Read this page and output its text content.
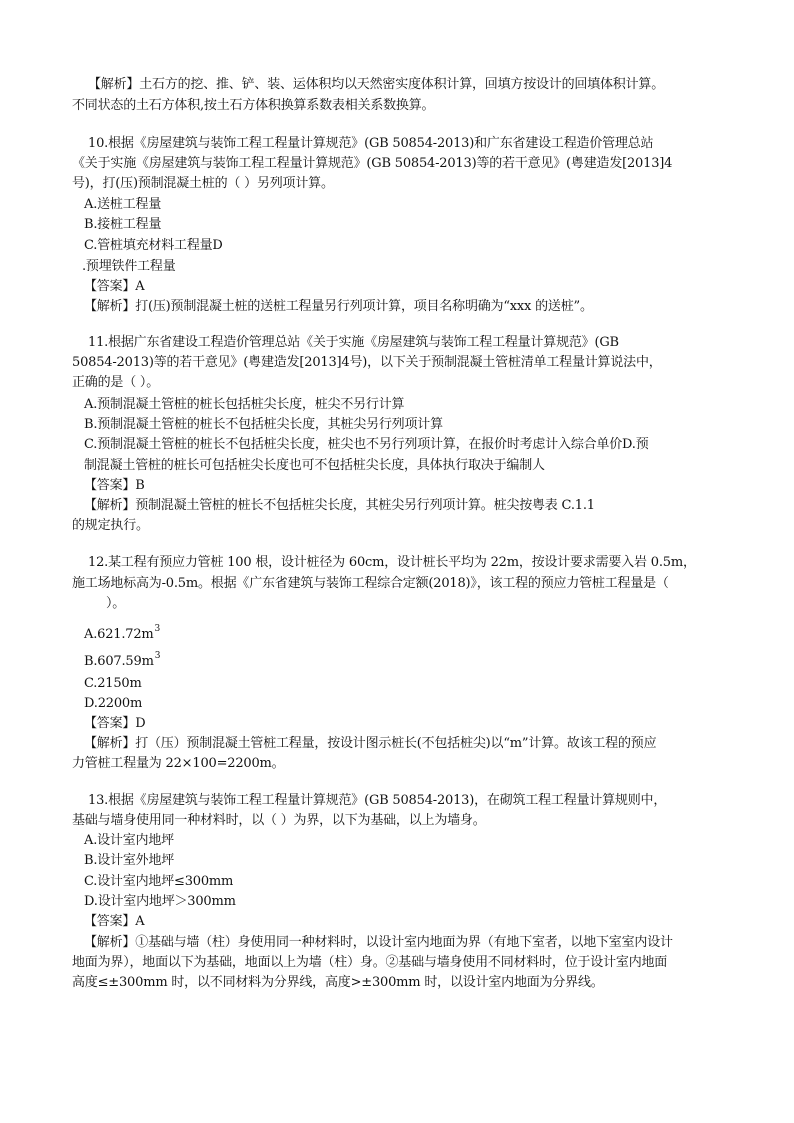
【解析】土石方的挖、推、铲、装、运体积均以天然密实度体积计算，回填方按设计的回填体积计算。
不同状态的土石方体积,按土石方体积换算系数表相关系数换算。
10.根据《房屋建筑与装饰工程工程量计算规范》(GB 50854-2013)和广东省建设工程造价管理总站
《关于实施《房屋建筑与装饰工程工程量计算规范》(GB 50854-2013)等的若干意见》(粤建造发[2013]4
号)，打(压)预制混凝土桩的（ ）另列项计算。
A.送桩工程量
B.接桩工程量
C.管桩填充材料工程量D
.预埋铁件工程量
【答案】A
【解析】打(压)预制混凝土桩的送桩工程量另行列项计算，项目名称明确为“xxx 的送桩”。
11.根据广东省建设工程造价管理总站《关于实施《房屋建筑与装饰工程工程量计算规范》(GB
50854-2013)等的若干意见》(粤建造发[2013]4号)，以下关于预制混凝土管桩清单工程量计算说法中，
正确的是（ ）。
A.预制混凝土管桩的桩长包括桩尖长度，桩尖不另行计算
B.预制混凝土管桩的桩长不包括桩尖长度，其桩尖另行列项计算
C.预制混凝土管桩的桩长不包括桩尖长度，桩尖也不另行列项计算，在报价时考虑计入综合单价D.预
制混凝土管桩的桩长可包括桩尖长度也可不包括桩尖长度，具体执行取决于编制人
【答案】B
【解析】预制混凝土管桩的桩长不包括桩尖长度，其桩尖另行列项计算。桩尖按粤表 C.1.1
的规定执行。
12.某工程有预应力管桩 100 根，设计桩径为 60cm，设计桩长平均为 22m，按设计要求需要入岩 0.5m，
施工场地标高为-0.5m。根据《广东省建筑与装饰工程综合定额(2018)》，该工程的预应力管桩工程量是（
）。
$A.621.72m^3$
$B.607.59m^3$
C.2150m
D.2200m
【答案】D
【解析】打（压）预制混凝土管桩工程量，按设计图示桩长(不包括桩尖)以“m”计算。故该工程的预应
力管桩工程量为 22×100=2200m。
13.根据《房屋建筑与装饰工程工程量计算规范》(GB 50854-2013)，在砌筑工程工程量计算规则中，
基础与墙身使用同一种材料时，以（ ）为界，以下为基础，以上为墙身。
A.设计室内地坪
B.设计室外地坪
C.设计室内地坪≤300mm
D.设计室内地坪＞300mm
【答案】A
【解析】①基础与墙（柱）身使用同一种材料时，以设计室内地面为界（有地下室者，以地下室室内设计
地面为界），地面以下为基础，地面以上为墙（柱）身。②基础与墙身使用不同材料时，位于设计室内地面
高度≤±300mm 时，以不同材料为分界线，高度>±300mm 时，以设计室内地面为分界线。
